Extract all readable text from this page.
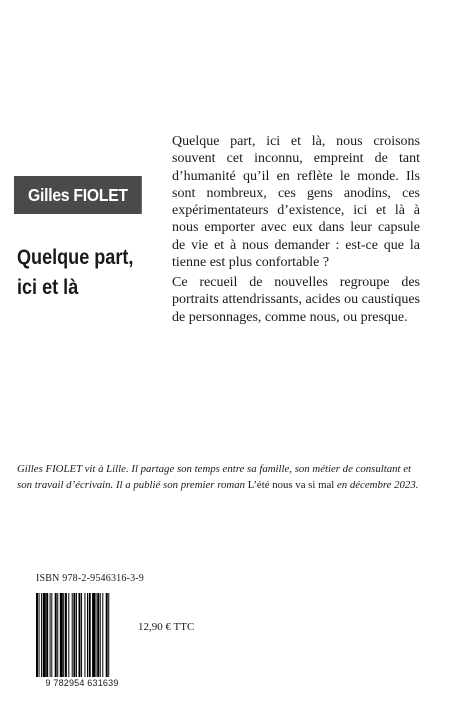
Gilles FIOLET
Quelque part,
ici et là

Quelque part, ici et là, nous croisons souvent cet inconnu, empreint de tant d’humanité qu’il en reflète le monde. Ils sont nombreux, ces gens anodins, ces expérimentateurs d’existence, ici et là à nous emporter avec eux dans leur capsule de vie et à nous demander : est-ce que la tienne est plus confortable ?

Ce recueil de nouvelles regroupe des portraits attendrissants, acides ou caustiques de personnages, comme nous, ou presque.

Gilles FIOLET vit à Lille. Il partage son temps entre sa famille, son métier de consultant et son travail d’écrivain. Il a publié son premier roman L’été nous va si mal en décembre 2023.

ISBN 978-2-9546316-3-9
9 782954 631639
12,90 € TTC
